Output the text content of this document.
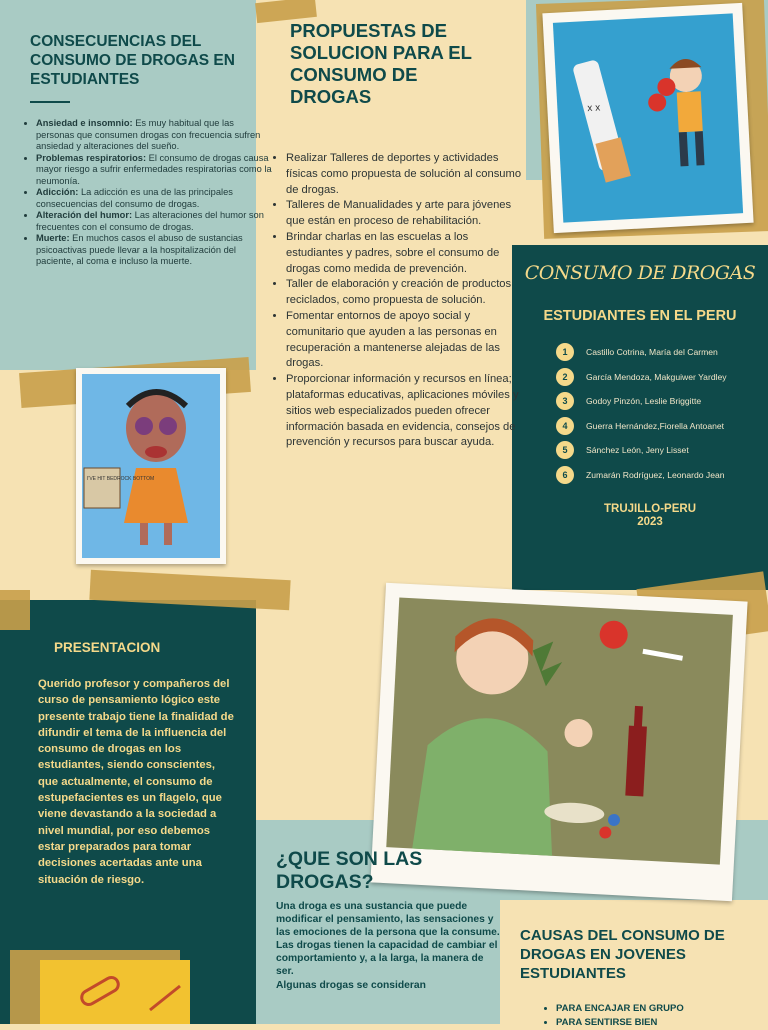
CONSECUENCIAS DEL CONSUMO DE DROGAS EN ESTUDIANTES
• Ansiedad e insomnio: Es muy habitual que las personas que consumen drogas con frecuencia sufren ansiedad y alteraciones del sueño.
• Problemas respiratorios: El consumo de drogas causa mayor riesgo a sufrir enfermedades respiratorias como la neumonía.
• Adicción: La adicción es una de las principales consecuencias del consumo de drogas.
• Alteración del humor: Las alteraciones del humor son frecuentes con el consumo de drogas.
• Muerte: En muchos casos el abuso de sustancias psicoactivas puede llevar a la hospitalización del paciente, al coma e incluso la muerte.
I'VE HIT BEDROCK BOTTOM
PROPUESTAS DE SOLUCION PARA EL CONSUMO DE DROGAS
• Realizar Talleres de deportes y actividades físicas como propuesta de solución al consumo de drogas.
• Talleres de Manualidades y arte para jóvenes que están en proceso de rehabilitación.
• Brindar charlas en las escuelas a los estudiantes y padres, sobre el consumo de drogas como medida de prevención.
• Taller de elaboración y creación de productos reciclados, como propuesta de solución.
• Fomentar entornos de apoyo social y comunitario que ayuden a las personas en recuperación a mantenerse alejadas de las drogas.
• Proporcionar información y recursos en línea; plataformas educativas, aplicaciones móviles y sitios web especializados pueden ofrecer información basada en evidencia, consejos de prevención y recursos para buscar ayuda.
x x
CONSUMO DE DROGAS
ESTUDIANTES EN EL PERU
1	Castillo Cotrina, María del Carmen
2	García Mendoza, Makguiwer Yardley
3	Godoy Pinzón, Leslie Briggitte
4	Guerra Hernández,Fiorella Antoanet
5	Sánchez León, Jeny Lisset
6	Zumarán Rodríguez, Leonardo Jean
TRUJILLO-PERU
2023
PRESENTACION
Querido profesor y compañeros del curso de pensamiento lógico este presente trabajo tiene la finalidad de difundir el tema de la influencia del consumo de drogas en los estudiantes, siendo conscientes, que actualmente, el consumo de estupefacientes es un flagelo, que viene devastando a la sociedad a nivel mundial, por eso debemos estar preparados para tomar decisiones acertadas ante una situación de riesgo.
¿QUE SON LAS DROGAS?
Una droga es una sustancia que puede modificar el pensamiento, las sensaciones y las emociones de la persona que la consume. Las drogas tienen la capacidad de cambiar el comportamiento y, a la larga, la manera de ser.
Algunas drogas se consideran
CAUSAS DEL CONSUMO DE DROGAS EN JOVENES ESTUDIANTES
• PARA ENCAJAR EN GRUPO
• PARA SENTIRSE BIEN
